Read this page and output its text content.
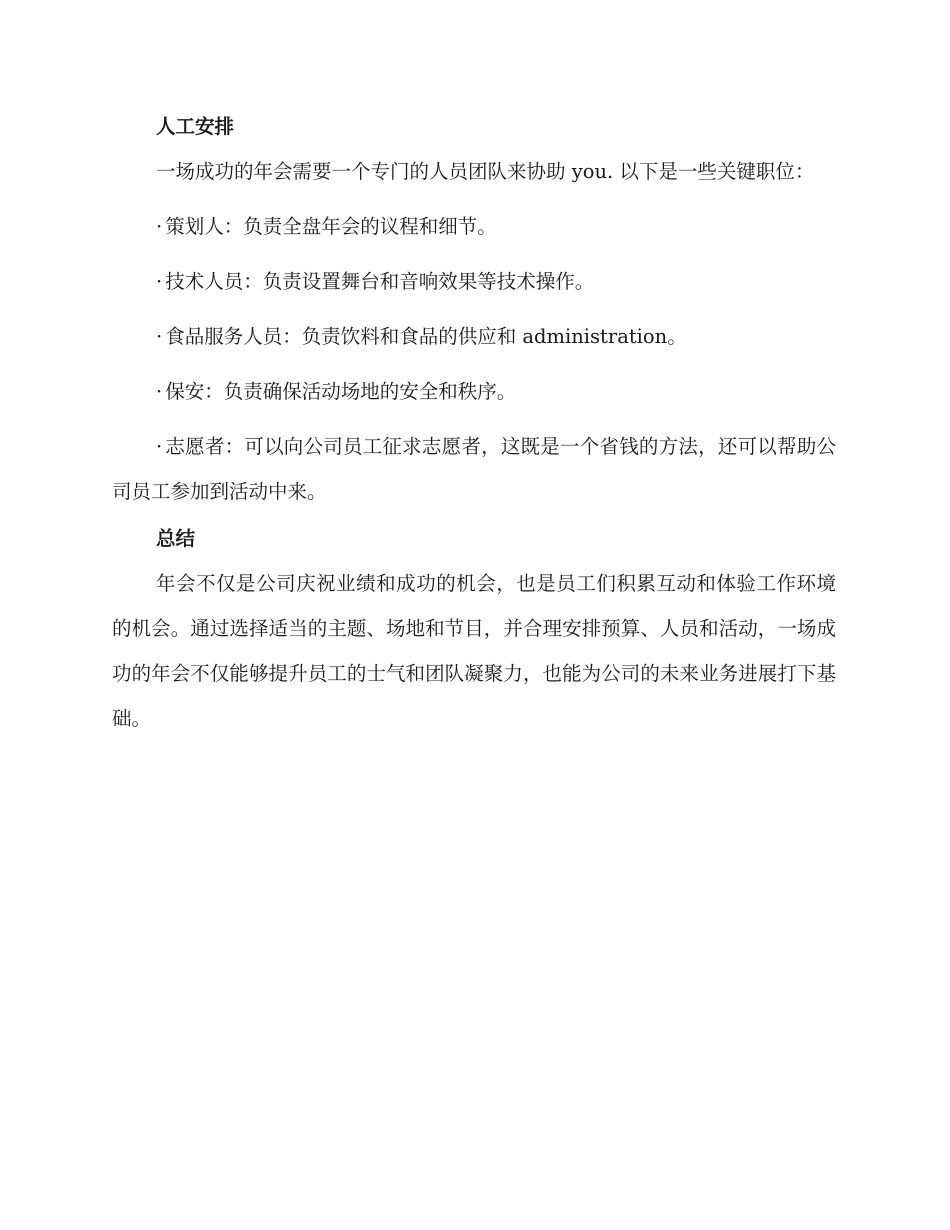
人工安排

一场成功的年会需要一个专门的人员团队来协助 you. 以下是一些关键职位：

· 策划人：负责全盘年会的议程和细节。

· 技术人员：负责设置舞台和音响效果等技术操作。

· 食品服务人员：负责饮料和食品的供应和 administration。

· 保安：负责确保活动场地的安全和秩序。

· 志愿者：可以向公司员工征求志愿者，这既是一个省钱的方法，还可以帮助公司员工参加到活动中来。

总结

年会不仅是公司庆祝业绩和成功的机会，也是员工们积累互动和体验工作环境的机会。通过选择适当的主题、场地和节目，并合理安排预算、人员和活动，一场成功的年会不仅能够提升员工的士气和团队凝聚力，也能为公司的未来业务进展打下基础。
